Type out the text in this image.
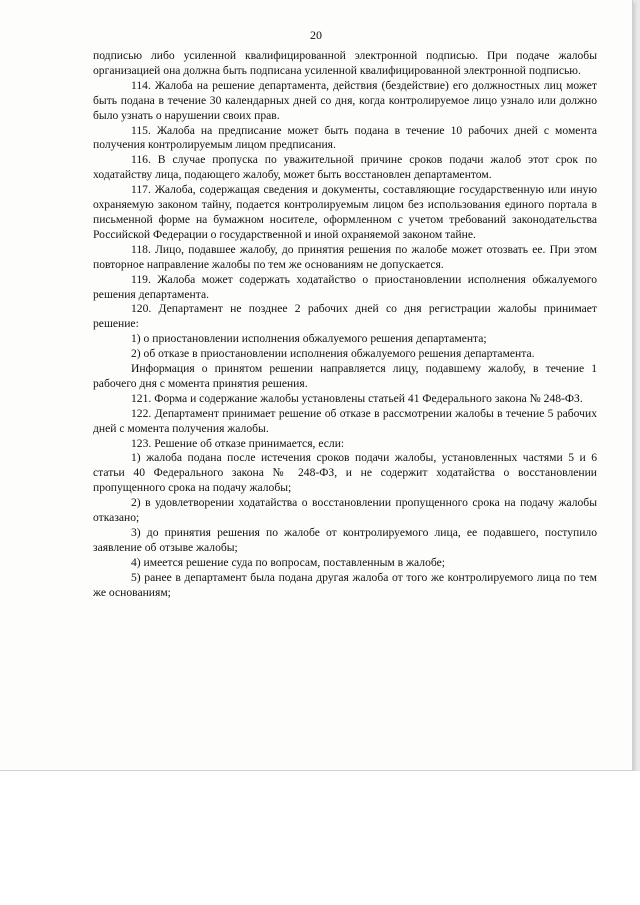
20

подписью либо усиленной квалифицированной электронной подписью. При подаче жалобы организацией она должна быть подписана усиленной квалифицированной электронной подписью.

114. Жалоба на решение департамента, действия (бездействие) его должностных лиц может быть подана в течение 30 календарных дней со дня, когда контролируемое лицо узнало или должно было узнать о нарушении своих прав.

115. Жалоба на предписание может быть подана в течение 10 рабочих дней с момента получения контролируемым лицом предписания.

116. В случае пропуска по уважительной причине сроков подачи жалоб этот срок по ходатайству лица, подающего жалобу, может быть восстановлен департаментом.

117. Жалоба, содержащая сведения и документы, составляющие государственную или иную охраняемую законом тайну, подается контролируемым лицом без использования единого портала в письменной форме на бумажном носителе, оформленном с учетом требований законодательства Российской Федерации о государственной и иной охраняемой законом тайне.

118. Лицо, подавшее жалобу, до принятия решения по жалобе может отозвать ее. При этом повторное направление жалобы по тем же основаниям не допускается.

119. Жалоба может содержать ходатайство о приостановлении исполнения обжалуемого решения департамента.

120. Департамент не позднее 2 рабочих дней со дня регистрации жалобы принимает решение:

1) о приостановлении исполнения обжалуемого решения департамента;

2) об отказе в приостановлении исполнения обжалуемого решения департамента.

Информация о принятом решении направляется лицу, подавшему жалобу, в течение 1 рабочего дня с момента принятия решения.

121. Форма и содержание жалобы установлены статьей 41 Федерального закона № 248-ФЗ.

122. Департамент принимает решение об отказе в рассмотрении жалобы в течение 5 рабочих дней с момента получения жалобы.

123. Решение об отказе принимается, если:

1) жалоба подана после истечения сроков подачи жалобы, установленных частями 5 и 6 статьи 40 Федерального закона № 248-ФЗ, и не содержит ходатайства о восстановлении пропущенного срока на подачу жалобы;

2) в удовлетворении ходатайства о восстановлении пропущенного срока на подачу жалобы отказано;

3) до принятия решения по жалобе от контролируемого лица, ее подавшего, поступило заявление об отзыве жалобы;

4) имеется решение суда по вопросам, поставленным в жалобе;

5) ранее в департамент была подана другая жалоба от того же контролируемого лица по тем же основаниям;
